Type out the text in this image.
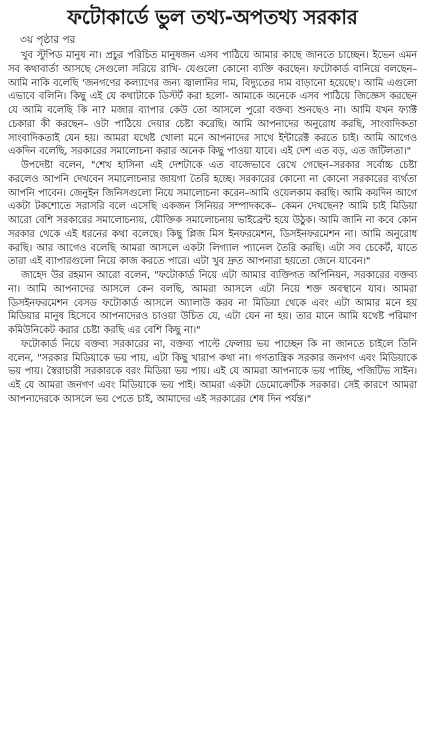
ফটোকার্ডে ভুল তথ্য-অপতথ্য সরকার
৩য় পৃষ্ঠার পর

খুব স্টুপিড মানুষ না। প্রচুর পরিচিত মানুষজন এসব পাঠিয়ে আমার কাছে জানতে চাচ্ছেন। ইভেন এমন সব কথাবার্তা আসছে সেগুলো সরিয়ে রাখি- যেগুলো কোনো ব্যক্তি করছেন। ফটোকার্ড বানিয়ে বলছেন– আমি নাকি বলেছি 'জনগণের কল্যাণের জন্য জ্বালানির দাম, বিদ্যুতের দাম বাড়ানো হয়েছে'। আমি এগুলো এভাবে বলিনি। কিছু এই যে কথাটাকে ডিস্টর্ট করা হলো- আমাকে অনেকে এসব পাঠিয়ে জিজ্ঞেস করছেন যে আমি বলেছি কি না? মজার ব্যাপার কেউ তো আসলে পুরো বক্তব্য শুনছেও না। আমি যখন ফ্যাক্ট চেকারা কী করছেন– ওটা পাঠিয়ে দেয়ার চেষ্টা করেছি। আমি আপনাদের অনুরোধ করছি, সাংবাদিকতা সাংবাদিকতাই যেন হয়। আমরা যথেষ্ট খোলা মনে আপনাদের সাথে ইন্টারেক্ট করতে চাই। আমি আগেও একদিন বলেছি, সরকারের সমালোচনা করার অনেক কিছু পাওয়া যাবে। এই দেশ এত বড়, এত জটিলতা।"

উপদেষ্টা বলেন, "শেখ হাসিনা এই দেশটাকে এত বাজেভাবে রেখে গেছেন–সরকার সর্বোচ্চ চেষ্টা করলেও আপনি দেখবেন সমালোচনার জায়গা তৈরি হচ্ছে। সরকারের কোনো না কোনো সরকারের ব্যর্থতা আপনি পাবেন। জেনুইন জিনিসগুলো নিয়ে সমালোচনা করেন–আমি ওয়েলকাম করছি। আমি কয়দিন আগে একটা টকশোতে সরাসরি বলে এসেছি একজন সিনিয়র সম্পাদককে– কেমন দেখছেন? আমি চাই মিডিয়া আরো বেশি সরকারের সমালোচনায়, যৌক্তিক সমালোচনায় ভাইব্রেন্ট হয়ে উঠুক। আমি জানি না কবে কোন সরকার থেকে এই ধরনের কথা বলেছে। কিছু প্লিজ মিস ইনফরমেশন, ডিসইনফরমেশন না। আমি অনুরোধ করছি। আর আগেও বলেছি আমরা আসলে একটা লিগ্যাল প্যানেল তৈরি করছি। এটা সব চেকের্ট, যাতে তারা এই ব্যাপারগুলো নিয়ে কাজ করতে পারে। এটা খুব দ্রুত আপনারা হয়তো জেনে যাবেন।"

জাহেদ উর রহমান আরো বলেন, "ফটোকার্ড নিয়ে এটা আমার ব্যক্তিগত অপিনিয়ন, সরকারের বক্তব্য না। আমি আপনাদের আসলে কেন বলছি, আমরা আসলে এটা নিয়ে শক্ত অবস্থানে যাব। আমরা ডিসইনফরমেশন বেসড ফটোকার্ড আসলে অ্যালাউ করব না মিডিয়া থেকে এবং এটা আমার মনে হয় মিডিয়ার মানুষ হিসেবে আপনাদেরও চাওয়া উচিত যে, এটা যেন না হয়। তার মানে আমি যথেষ্ট পরিমাণ কমিউনিকেট করার চেষ্টা করছি এর বেশি কিছু না।"

ফটোকার্ড নিয়ে বক্তব্য সরকারের না, বক্তব্য পাল্টে ফেলায় ভয় পাচ্ছেন কি না জানতে চাইলে তিনি বলেন, "সরকার মিডিয়াকে ভয় পায়, এটা কিছু খারাপ কথা না। গণতান্ত্রিক সরকার জনগণ এবং মিডিয়াকে ভয় পায়। স্বৈরাচারী সরকারকে বরং মিডিয়া ভয় পায়। এই যে আমরা আপনাকে ভয় পাচ্ছি, পজিটিভ সাইন। এই যে আমরা জনগণ এবং মিডিয়াকে ভয় পাই। আমরা একটা ডেমোক্রেটিক সরকার। সেই কারণে আমরা আপনাদেরকে আসলে ভয় পেতে চাই, আমাদের এই সরকারের শেষ দিন পর্যন্ত।"
